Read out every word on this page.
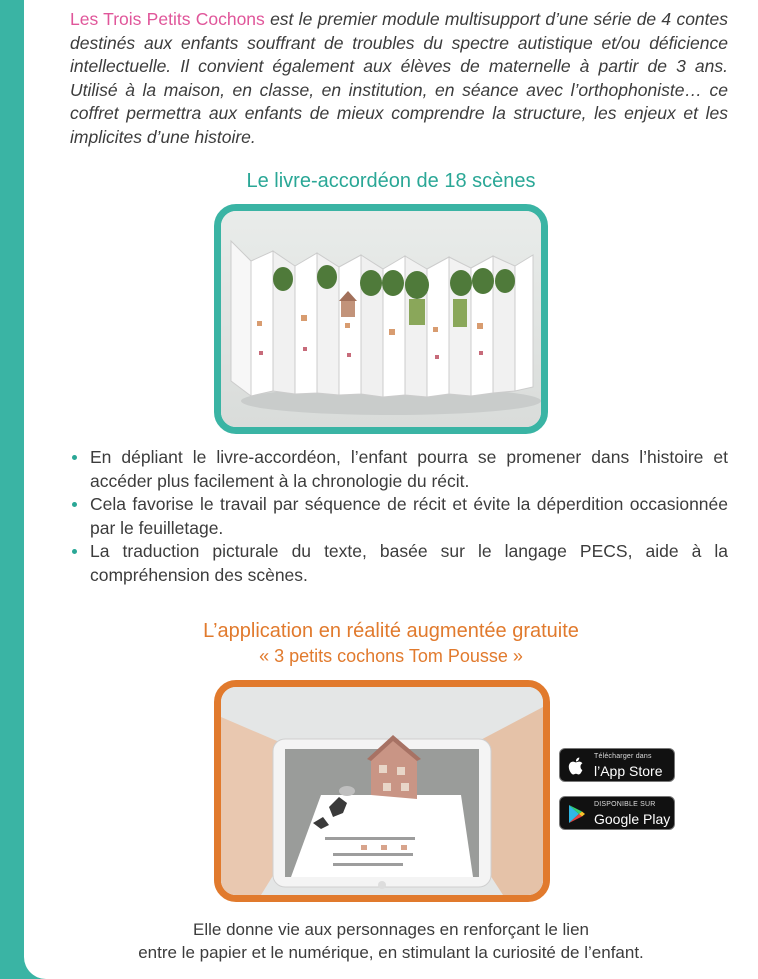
Les Trois Petits Cochons est le premier module multisupport d’une série de 4 contes destinés aux enfants souffrant de troubles du spectre autistique et/ou déficience intellectuelle. Il convient également aux élèves de maternelle à partir de 3 ans. Utilisé à la maison, en classe, en institution, en séance avec l’orthophoniste… ce coffret permettra aux enfants de mieux comprendre la structure, les enjeux et les implicites d’une histoire.

Le livre-accordéon de 18 scènes
En dépliant le livre-accordéon, l’enfant pourra se promener dans l’histoire et accéder plus facilement à la chronologie du récit.
Cela favorise le travail par séquence de récit et évite la déperdition occasionnée par le feuilletage.
La traduction picturale du texte, basée sur le langage PECS, aide à la compréhension des scènes.
L’application en réalité augmentée gratuite
« 3 petits cochons Tom Pousse »
Télécharger dans
l’App Store
DISPONIBLE SUR
Google Play
Elle donne vie aux personnages en renforçant le lien
entre le papier et le numérique, en stimulant la curiosité de l’enfant.
